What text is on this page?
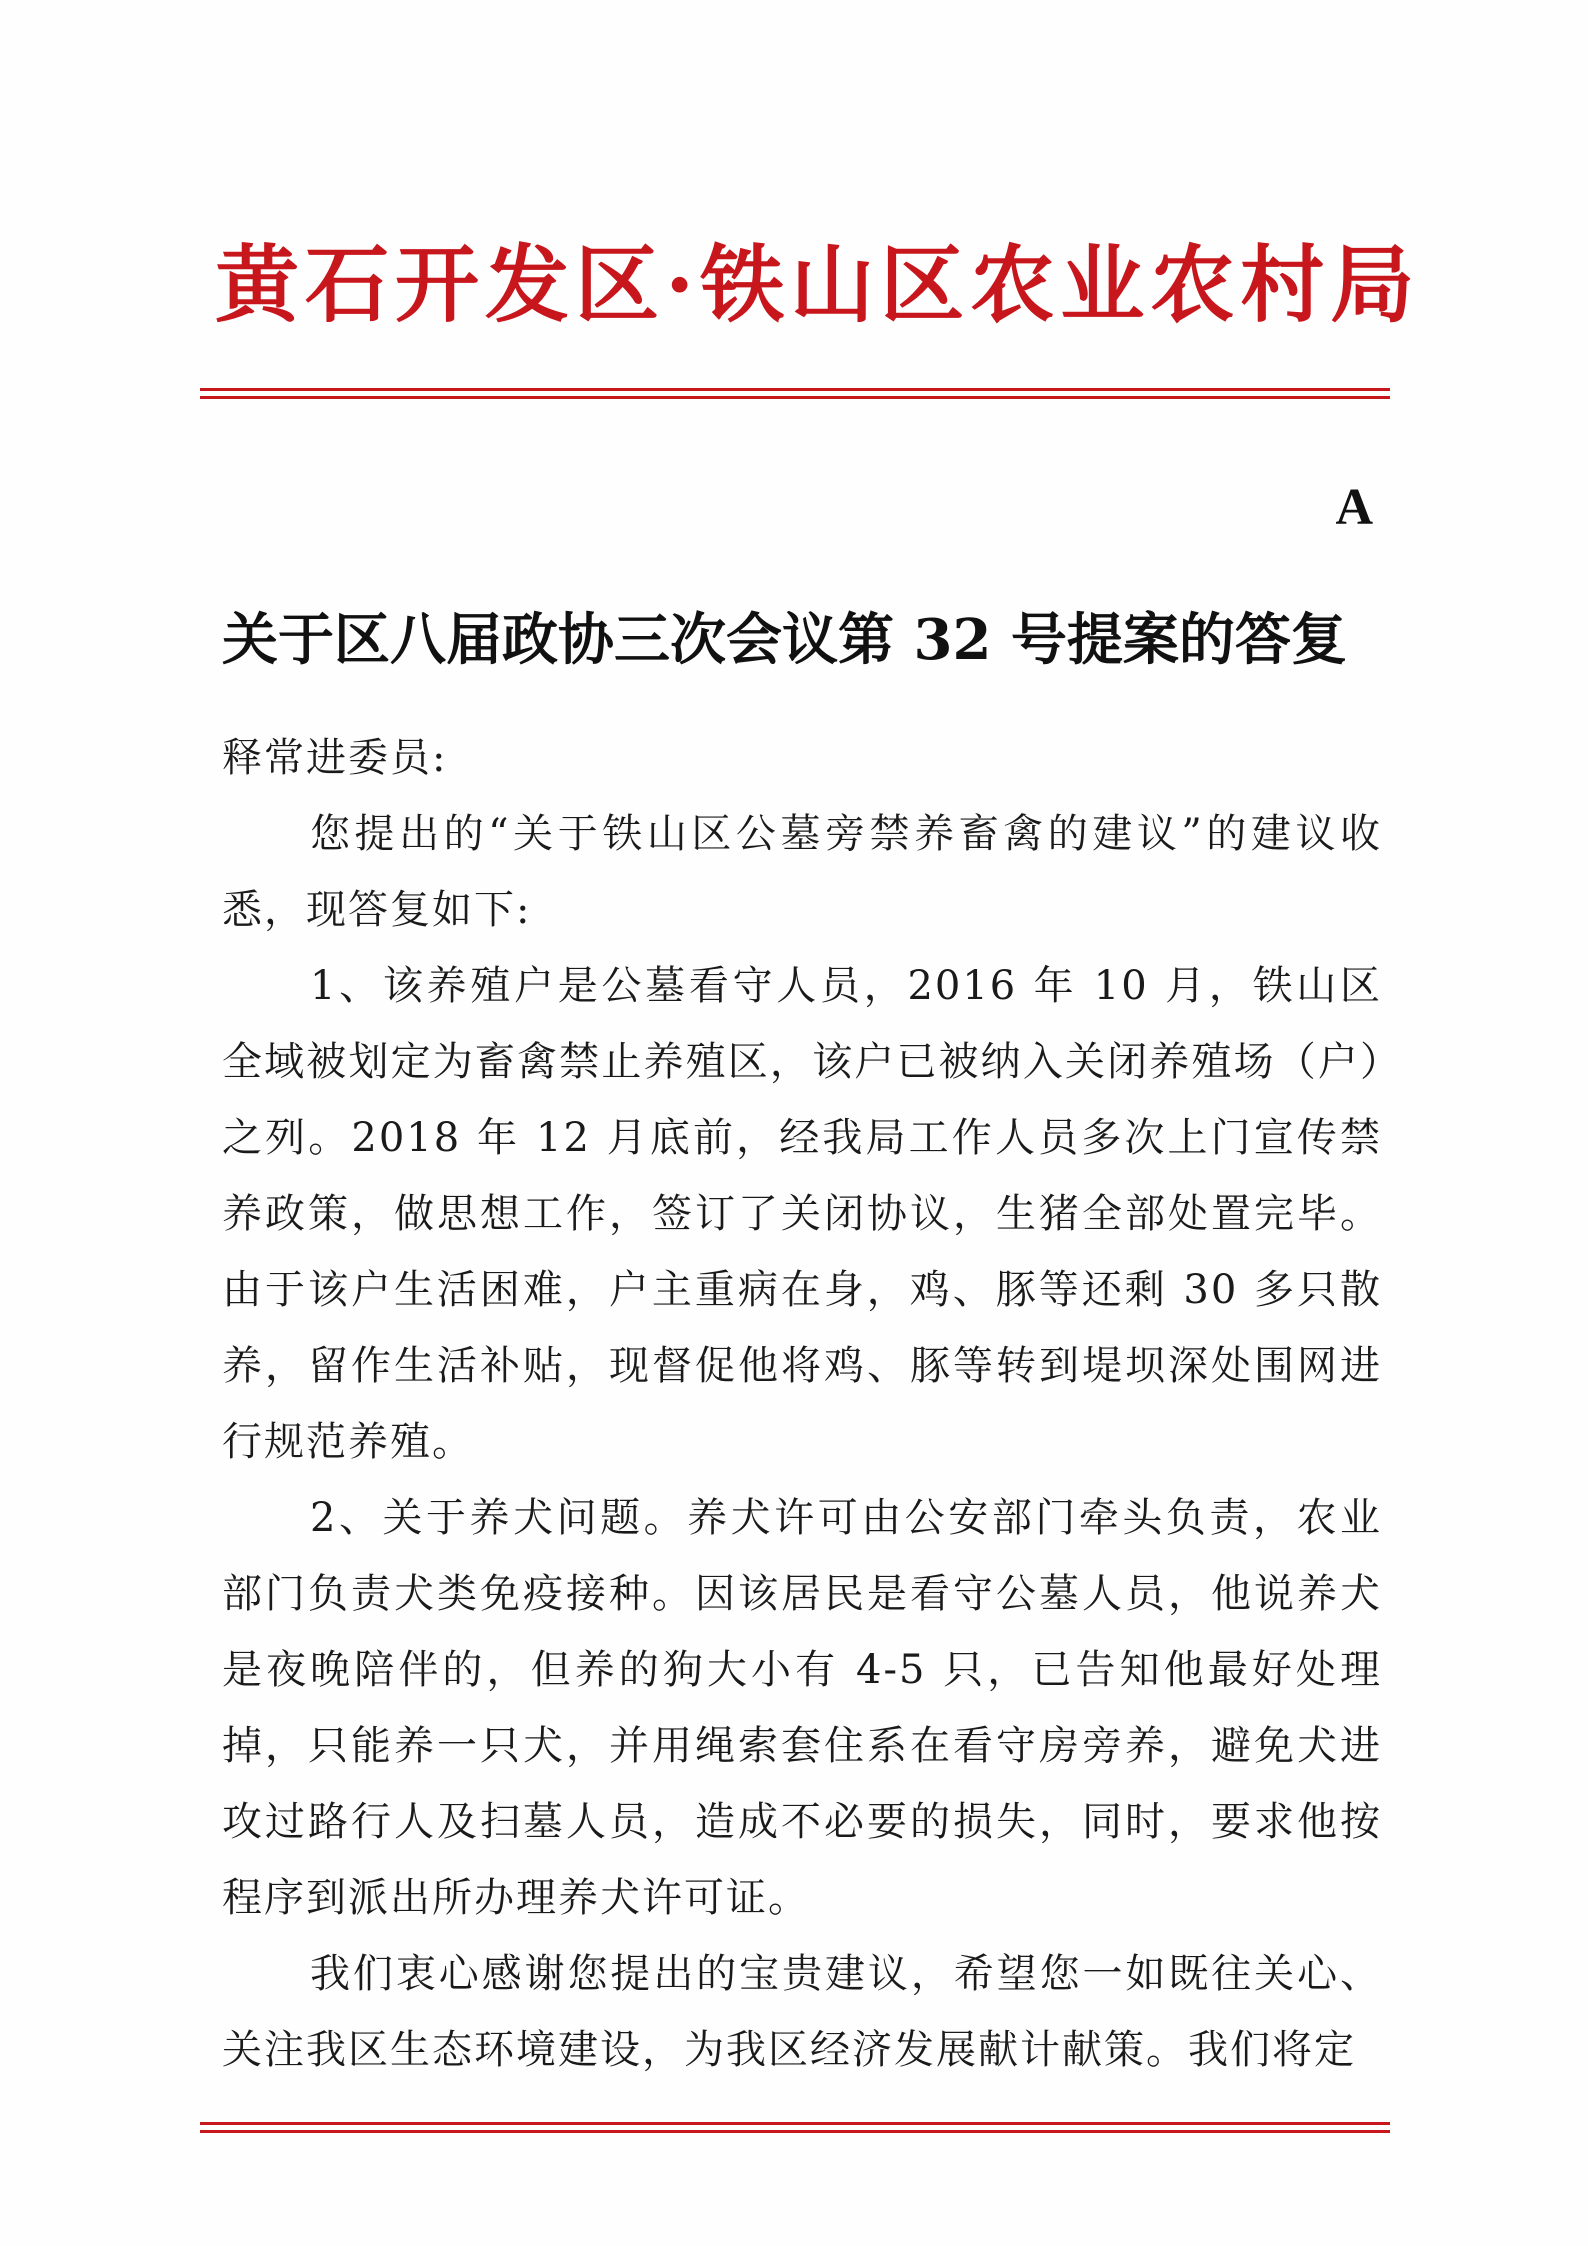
黄石开发区·铁山区农业农村局
A
关于区八届政协三次会议第 32 号提案的答复

释常进委员:

您提出的“关于铁山区公墓旁禁养畜禽的建议”的建议收悉，现答复如下:

1、该养殖户是公墓看守人员，2016 年 10 月，铁山区全域被划定为畜禽禁止养殖区，该户已被纳入关闭养殖场（户）之列。2018 年 12 月底前，经我局工作人员多次上门宣传禁养政策，做思想工作，签订了关闭协议，生猪全部处置完毕。由于该户生活困难，户主重病在身，鸡、豚等还剩 30 多只散养，留作生活补贴，现督促他将鸡、豚等转到堤坝深处围网进行规范养殖。

2、关于养犬问题。养犬许可由公安部门牵头负责，农业部门负责犬类免疫接种。因该居民是看守公墓人员，他说养犬是夜晚陪伴的，但养的狗大小有 4-5 只，已告知他最好处理掉，只能养一只犬，并用绳索套住系在看守房旁养，避免犬进攻过路行人及扫墓人员，造成不必要的损失，同时，要求他按程序到派出所办理养犬许可证。

我们衷心感谢您提出的宝贵建议，希望您一如既往关心、关注我区生态环境建设，为我区经济发展献计献策。我们将定
